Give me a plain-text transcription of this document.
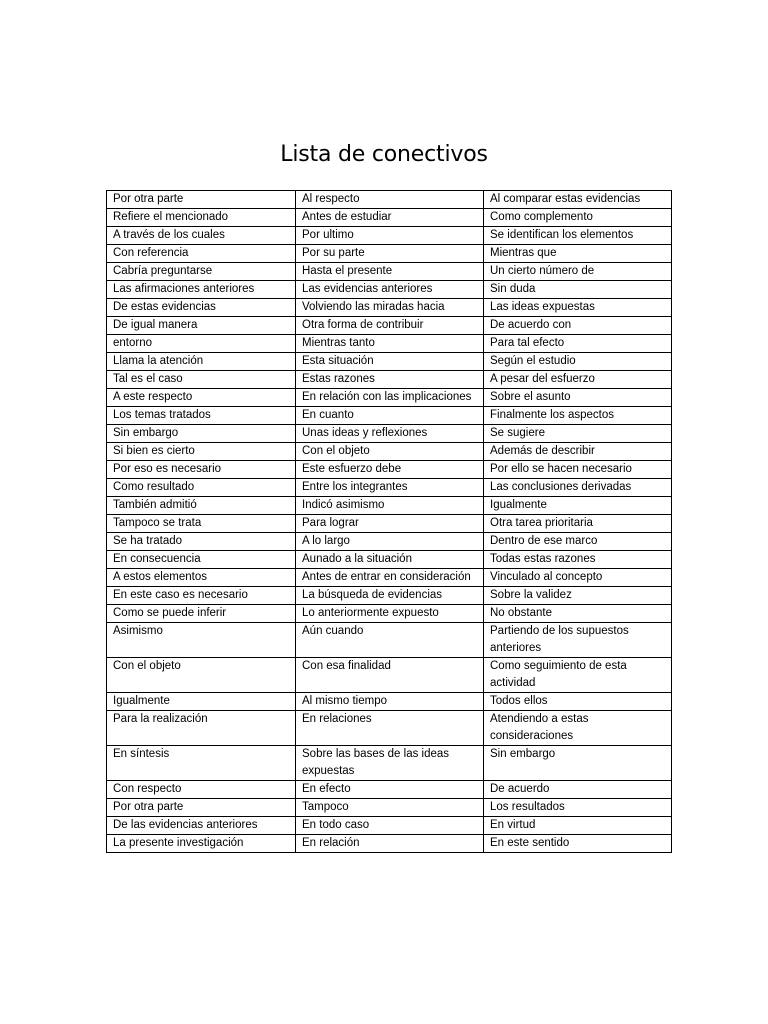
Lista de conectivos
Por otra parte	Al respecto	Al comparar estas evidencias

Refiere el mencionado	Antes de estudiar	Como complemento

A través de los cuales	Por ultimo	Se identifican los elementos

Con referencia	Por su parte	Mientras que

Cabría preguntarse	Hasta el presente	Un cierto número de

Las afirmaciones anteriores	Las evidencias anteriores	Sin duda

De estas evidencias	Volviendo las miradas hacia	Las ideas expuestas

De igual manera	Otra forma de contribuir	De acuerdo con

entorno	Mientras tanto	Para tal efecto

Llama la atención	Esta situación	Según el estudio

Tal es el caso	Estas razones	A pesar del esfuerzo

A este respecto	En relación con las implicaciones	Sobre el asunto

Los temas tratados	En cuanto	Finalmente los aspectos

Sin embargo	Unas ideas y reflexiones	Se sugiere

Si bien es cierto	Con el objeto	Además de describir

Por eso es necesario	Este esfuerzo debe	Por ello se hacen necesario

Como resultado	Entre los integrantes	Las conclusiones derivadas

También admitió	Indicó asimismo	Igualmente

Tampoco se trata	Para lograr	Otra tarea prioritaria

Se ha tratado	A lo largo	Dentro de ese marco

En consecuencia	Aunado a la situación	Todas estas razones

A estos elementos	Antes de entrar en consideración	Vinculado al concepto

En este caso es necesario	La búsqueda de evidencias	Sobre la validez

Como se puede inferir	Lo anteriormente expuesto	No obstante

Asimismo	Aún cuando	Partiendo de los supuestos anteriores

Con el objeto	Con esa finalidad	Como seguimiento de esta actividad

Igualmente	Al mismo tiempo	Todos ellos

Para la realización	En relaciones	Atendiendo a estas consideraciones

En síntesis	Sobre las bases de las ideas expuestas	Sin embargo

Con respecto	En efecto	De acuerdo

Por otra parte	Tampoco	Los resultados

De las evidencias anteriores	En todo caso	En virtud

La presente investigación	En relación	En este sentido
